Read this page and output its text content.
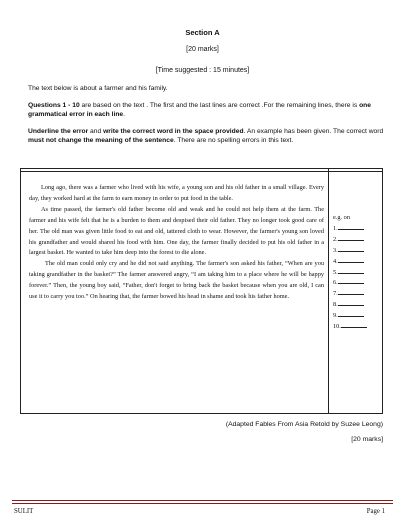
Section A
[20 marks]
[Time suggested : 15 minutes]
The text below is about a farmer and his family.
Questions 1 - 10 are based on the text . The first and the last lines are correct .For the remaining lines, there is one grammatical error in each line.
Underline the error and write the correct word in the space provided. An example has been given. The correct word must not change the meaning of the sentence. There are no spelling errors in this text.

Long ago, there was a farmer who lived with his wife, a young son and his old father in a small village. Every day, they worked hard at the farm to earn money in order to put food in the table.

As time passed, the farmer's old father become old and weak and he could not help them at the farm. The farmer and his wife felt that he is a burden to them and despised their old father. They no longer took good care of her. The old man was given little food to eat and old, tattered cloth to wear. However, the farmer's young son loved his grandfather and would shared his food with him. One day, the farmer finally decided to put his old father in a largest basket. He wanted to take him deep into the forest to die alone.

The old man could only cry and he did not said anything. The farmer's son asked his father, “When are you taking grandfather in the basket?” The farmer answered angry, “I am taking him to a place where he will be happy forever.” Then, the young boy said, “Father, don't forget to bring back the basket because when you are old, I can use it to carry you too.” On hearing that, the farmer bowed his head in shame and took his father home.

e.g. on
1.
2.
3.
4.
5.
6.
7.
8.
9.
10.
(Adapted Fables From Asia Retold by Suzee Leong)
[20 marks]
SULIT	Page 1
